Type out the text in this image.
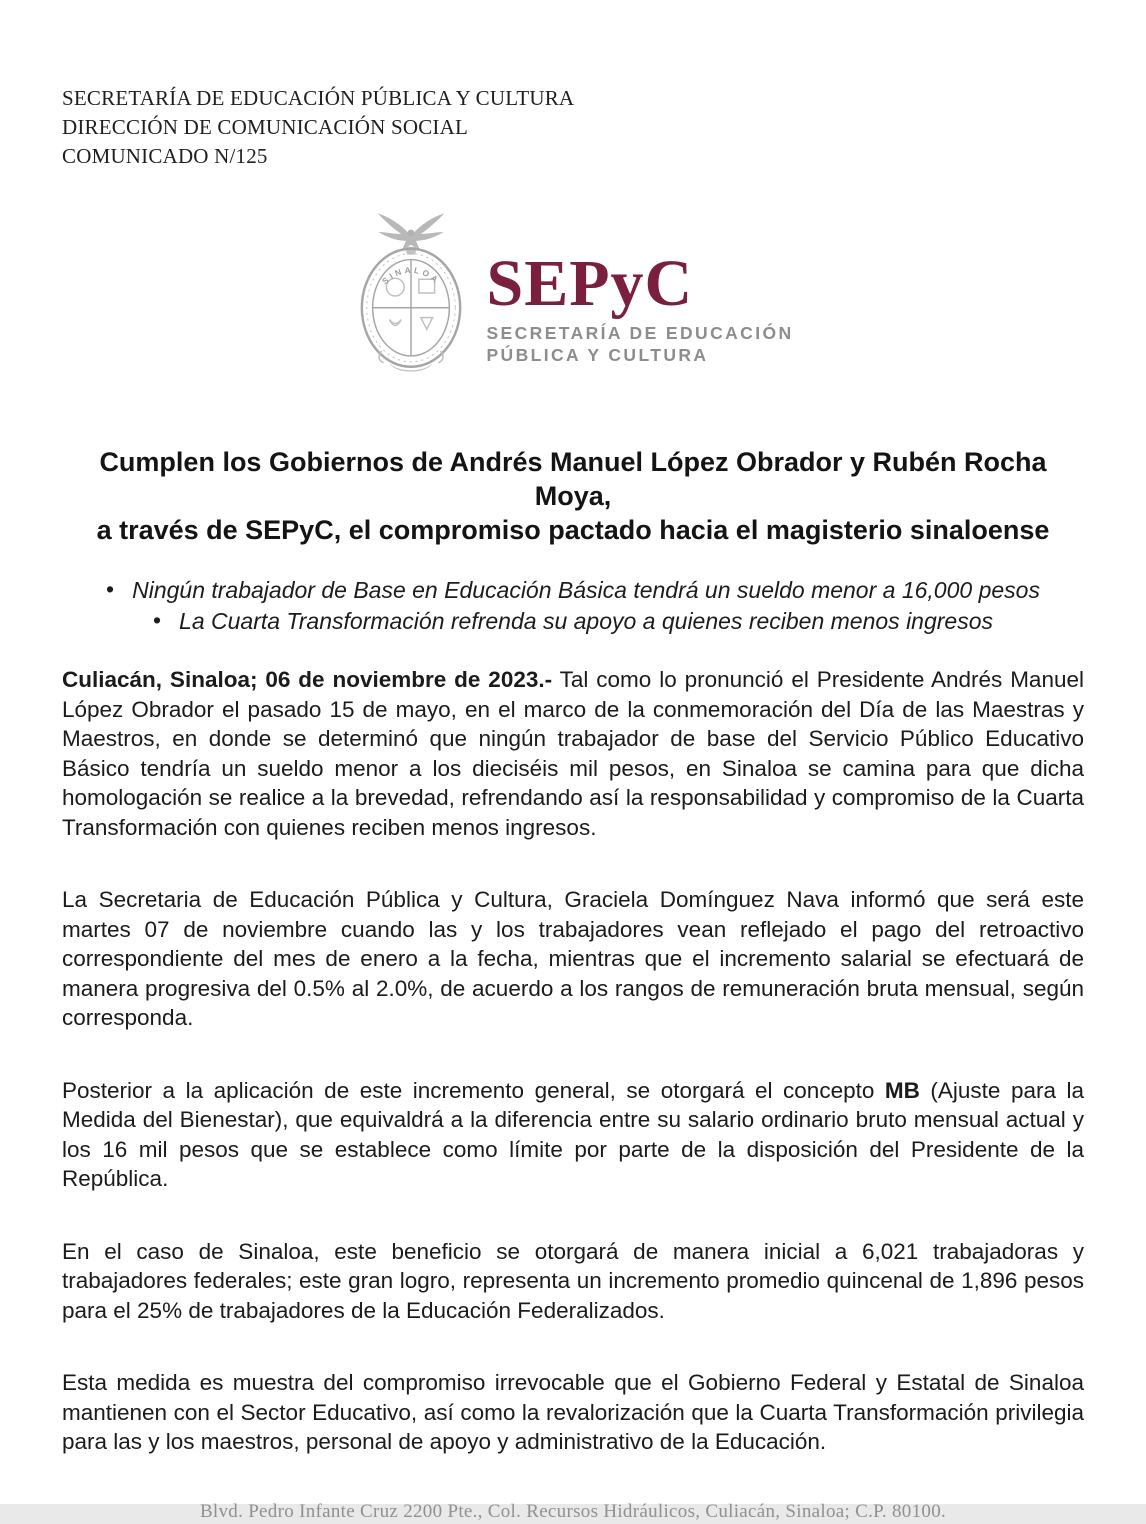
SECRETARÍA DE EDUCACIÓN PÚBLICA Y CULTURA
DIRECCIÓN DE COMUNICACIÓN SOCIAL
COMUNICADO N/125
SINALOA SEPyC
SECRETARÍA DE EDUCACIÓN
PÚBLICA Y CULTURA
Cumplen los Gobiernos de Andrés Manuel López Obrador y Rubén Rocha Moya,
a través de SEPyC, el compromiso pactado hacia el magisterio sinaloense
• Ningún trabajador de Base en Educación Básica tendrá un sueldo menor a 16,000 pesos
• La Cuarta Transformación refrenda su apoyo a quienes reciben menos ingresos

Culiacán, Sinaloa; 06 de noviembre de 2023.- Tal como lo pronunció el Presidente Andrés Manuel López Obrador el pasado 15 de mayo, en el marco de la conmemoración del Día de las Maestras y Maestros, en donde se determinó que ningún trabajador de base del Servicio Público Educativo Básico tendría un sueldo menor a los dieciséis mil pesos, en Sinaloa se camina para que dicha homologación se realice a la brevedad, refrendando así la responsabilidad y compromiso de la Cuarta Transformación con quienes reciben menos ingresos.

La Secretaria de Educación Pública y Cultura, Graciela Domínguez Nava informó que será este martes 07 de noviembre cuando las y los trabajadores vean reflejado el pago del retroactivo correspondiente del mes de enero a la fecha, mientras que el incremento salarial se efectuará de manera progresiva del 0.5% al 2.0%, de acuerdo a los rangos de remuneración bruta mensual, según corresponda.

Posterior a la aplicación de este incremento general, se otorgará el concepto MB (Ajuste para la Medida del Bienestar), que equivaldrá a la diferencia entre su salario ordinario bruto mensual actual y los 16 mil pesos que se establece como límite por parte de la disposición del Presidente de la República.

En el caso de Sinaloa, este beneficio se otorgará de manera inicial a 6,021 trabajadoras y trabajadores federales; este gran logro, representa un incremento promedio quincenal de 1,896 pesos para el 25% de trabajadores de la Educación Federalizados.

Esta medida es muestra del compromiso irrevocable que el Gobierno Federal y Estatal de Sinaloa mantienen con el Sector Educativo, así como la revalorización que la Cuarta Transformación privilegia para las y los maestros, personal de apoyo y administrativo de la Educación.

Blvd. Pedro Infante Cruz 2200 Pte., Col. Recursos Hidráulicos, Culiacán, Sinaloa; C.P. 80100.
